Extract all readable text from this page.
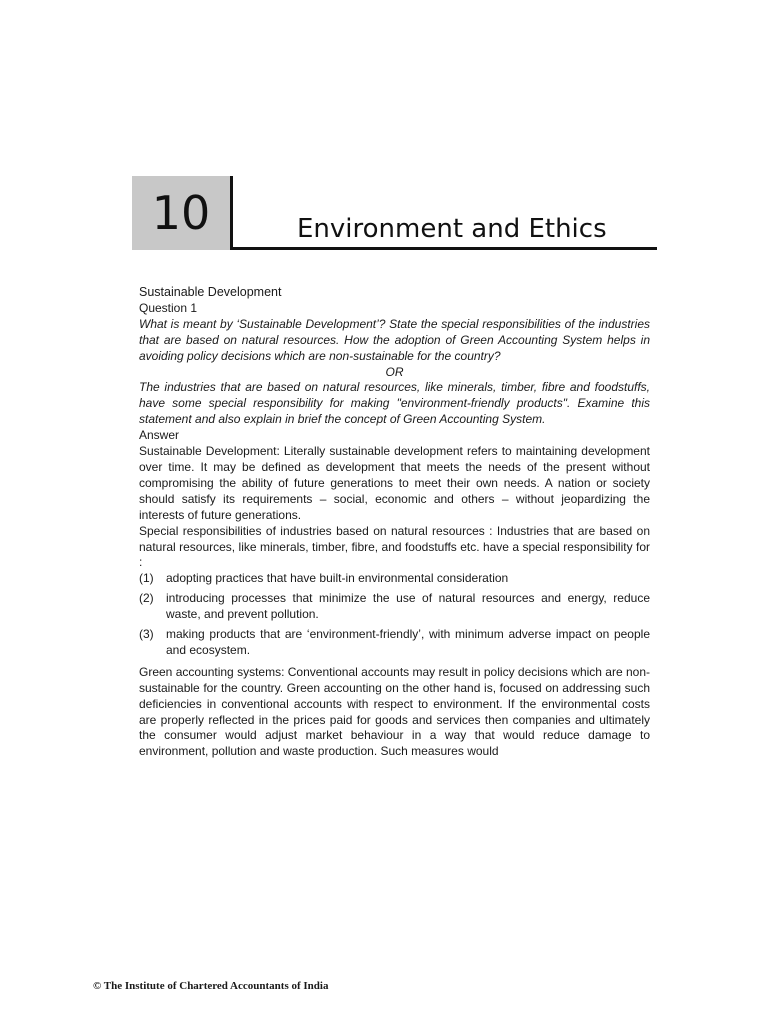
10	Environment and Ethics

Sustainable Development

Question 1

What is meant by ‘Sustainable Development’? State the special responsibilities of the industries that are based on natural resources. How the adoption of Green Accounting System helps in avoiding policy decisions which are non-sustainable for the country?

OR

The industries that are based on natural resources, like minerals, timber, fibre and foodstuffs, have some special responsibility for making "environment-friendly products". Examine this statement and also explain in brief the concept of Green Accounting System.

Answer

Sustainable Development: Literally sustainable development refers to maintaining development over time. It may be defined as development that meets the needs of the present without compromising the ability of future generations to meet their own needs. A nation or society should satisfy its requirements – social, economic and others – without jeopardizing the interests of future generations.

Special responsibilities of industries based on natural resources : Industries that are based on natural resources, like minerals, timber, fibre, and foodstuffs etc. have a special responsibility for :

(1)	adopting practices that have built-in environmental consideration
(2)	introducing processes that minimize the use of natural resources and energy, reduce waste, and prevent pollution.
(3)	making products that are ‘environment-friendly’, with minimum adverse impact on people and ecosystem.

Green accounting systems: Conventional accounts may result in policy decisions which are non-sustainable for the country. Green accounting on the other hand is, focused on addressing such deficiencies in conventional accounts with respect to environment. If the environmental costs are properly reflected in the prices paid for goods and services then companies and ultimately the consumer would adjust market behaviour in a way that would reduce damage to environment, pollution and waste production. Such measures would

© The Institute of Chartered Accountants of India
